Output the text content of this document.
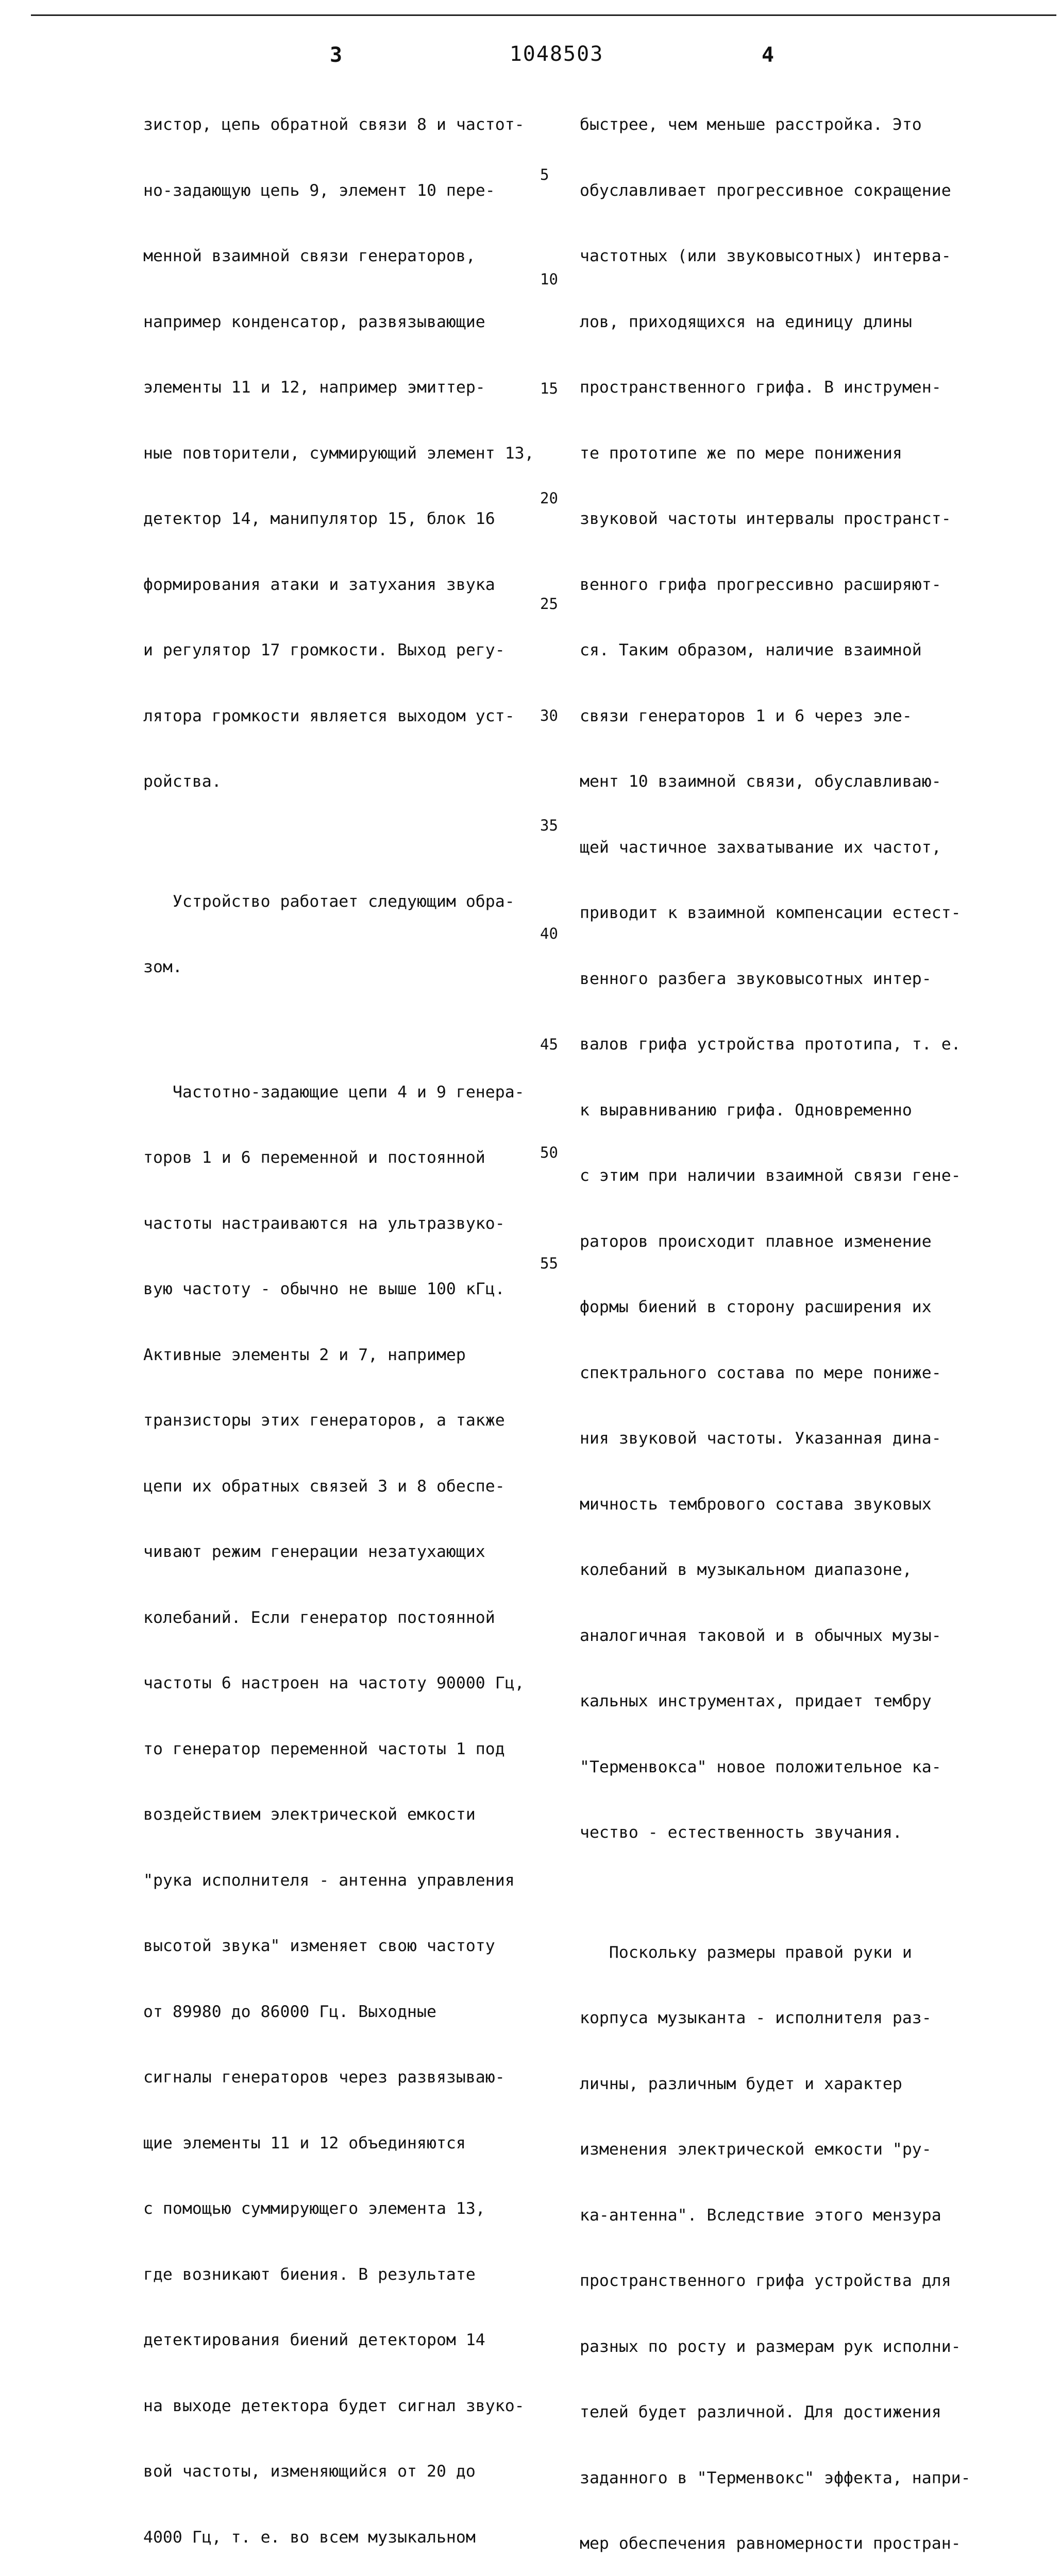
3	1048503	4

зистор, цепь обратной связи 8 и частот-

но-задающую цепь 9, элемент 10 пере-

менной взаимной связи генераторов,

например конденсатор, развязывающие

элементы 11 и 12, например эмиттер-

ные повторители, суммирующий элемент 13,

детектор 14, манипулятор 15, блок 16

формирования атаки и затухания звука

и регулятор 17 громкости. Выход регу-

лятора громкости является выходом уст-

ройства.

Устройство работает следующим обра-

зом.

Частотно-задающие цепи 4 и 9 генера-

торов 1 и 6 переменной и постоянной

частоты настраиваются на ультразвуко-

вую частоту - обычно не выше 100 кГц.

Активные элементы 2 и 7, например

транзисторы этих генераторов, а также

цепи их обратных связей 3 и 8 обеспе-

чивают режим генерации незатухающих

колебаний. Если генератор постоянной

частоты 6 настроен на частоту 90000 Гц,

то генератор переменной частоты 1 под

воздействием электрической емкости

"рука исполнителя - антенна управления

высотой звука" изменяет свою частоту

от 89980 до 86000 Гц. Выходные

сигналы генераторов через развязываю-

щие элементы 11 и 12 объединяются

с помощью суммирующего элемента 13,

где возникают биения. В результате

детектирования биений детектором 14

на выходе детектора будет сигнал звуко-

вой частоты, изменяющийся от 20 до

4000 Гц, т. е. во всем музыкальном

быстрее, чем меньше расстройка. Это

обуславливает прогрессивное сокращение

частотных (или звуковысотных) интерва-

лов, приходящихся на единицу длины

пространственного грифа. В инструмен-

те прототипе же по мере понижения

звуковой частоты интервалы пространст-

венного грифа прогрессивно расширяют-

ся. Таким образом, наличие взаимной

связи генераторов 1 и 6 через эле-

мент 10 взаимной связи, обуславливаю-

щей частичное захватывание их частот,

приводит к взаимной компенсации естест-

венного разбега звуковысотных интер-

валов грифа устройства прототипа, т. е.

к выравниванию грифа. Одновременно

с этим при наличии взаимной связи гене-

раторов происходит плавное изменение

формы биений в сторону расширения их

спектрального состава по мере пониже-

ния звуковой частоты. Указанная дина-

мичность тембрового состава звуковых

колебаний в музыкальном диапазоне,

аналогичная таковой и в обычных музы-

кальных инструментах, придает тембру

"Терменвокса" новое положительное ка-

чество - естественность звучания.

Поскольку размеры правой руки и

корпуса музыканта - исполнителя раз-

личны, различным будет и характер

изменения электрической емкости "ру-

ка-антенна". Вследствие этого мензура

пространственного грифа устройства для

разных по росту и размерам рук исполни-

телей будет различной. Для достижения

заданного в "Терменвокс" эффекта, напри-

мер обеспечения равномерности простран-

5
10
15
20
25
30
35
40
45
50
55
